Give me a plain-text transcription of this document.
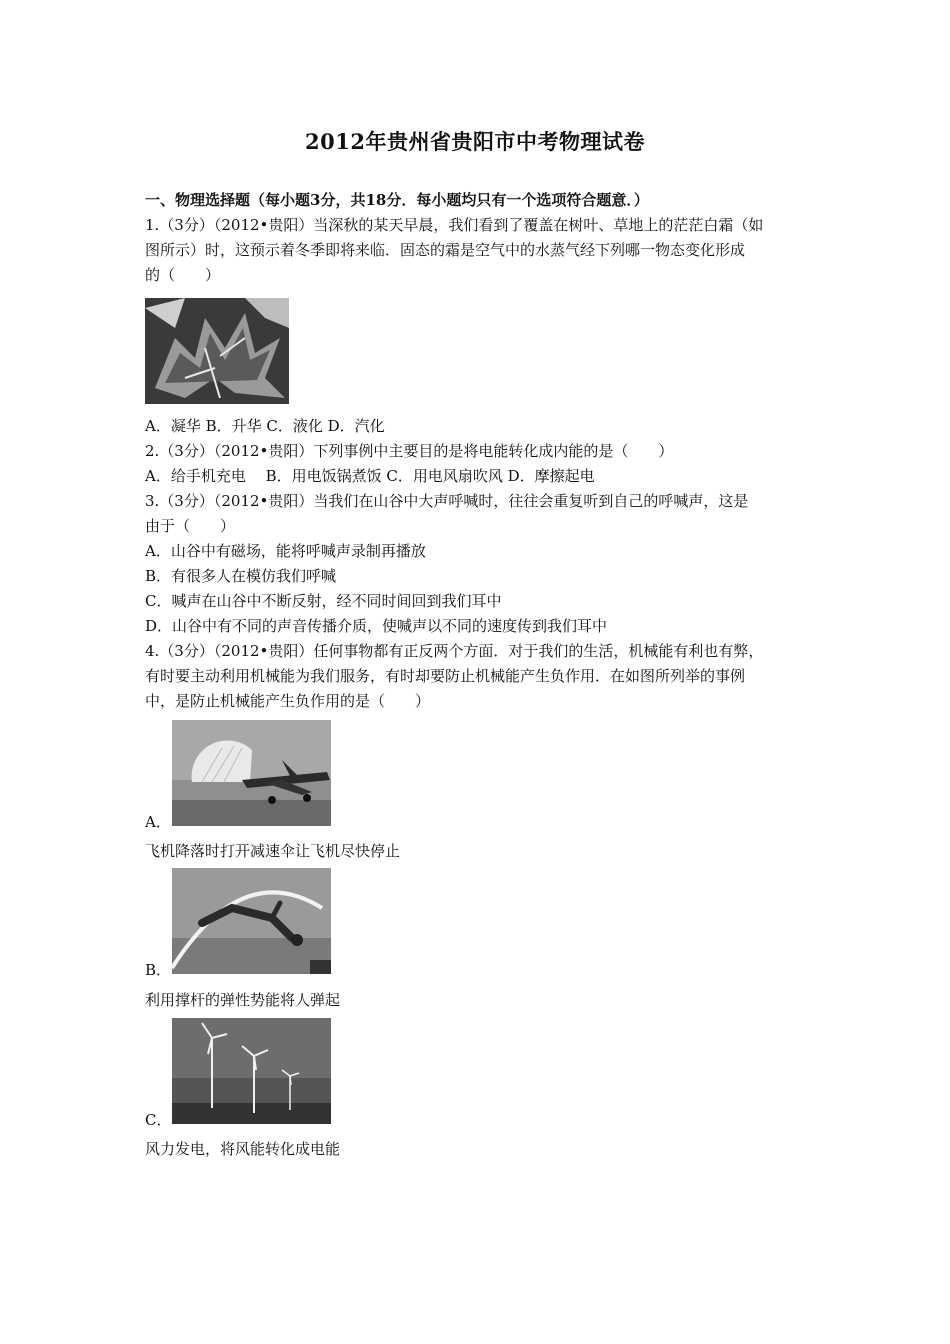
2012年贵州省贵阳市中考物理试卷
一、物理选择题（每小题3分，共18分．每小题均只有一个选项符合题意．）
1.（3分）（2012•贵阳）当深秋的某天早晨，我们看到了覆盖在树叶、草地上的茫茫白霜（如
图所示）时，这预示着冬季即将来临．固态的霜是空气中的水蒸气经下列哪一物态变化形成
的（　　）
A．凝华 B．升华 C．液化 D．汽化
2.（3分）（2012•贵阳）下列事例中主要目的是将电能转化成内能的是（　　）
A．给手机充电　 B．用电饭锅煮饭 C．用电风扇吹风 D．摩擦起电
3.（3分）（2012•贵阳）当我们在山谷中大声呼喊时，往往会重复听到自己的呼喊声，这是
由于（　　）
A．山谷中有磁场，能将呼喊声录制再播放
B．有很多人在模仿我们呼喊
C．喊声在山谷中不断反射，经不同时间回到我们耳中
D．山谷中有不同的声音传播介质，使喊声以不同的速度传到我们耳中
4.（3分）（2012•贵阳）任何事物都有正反两个方面．对于我们的生活，机械能有利也有弊，
有时要主动利用机械能为我们服务，有时却要防止机械能产生负作用．在如图所列举的事例
中，是防止机械能产生负作用的是（　　）
A．
飞机降落时打开减速伞让飞机尽快停止
B．
利用撑杆的弹性势能将人弹起
C．
风力发电，将风能转化成电能
